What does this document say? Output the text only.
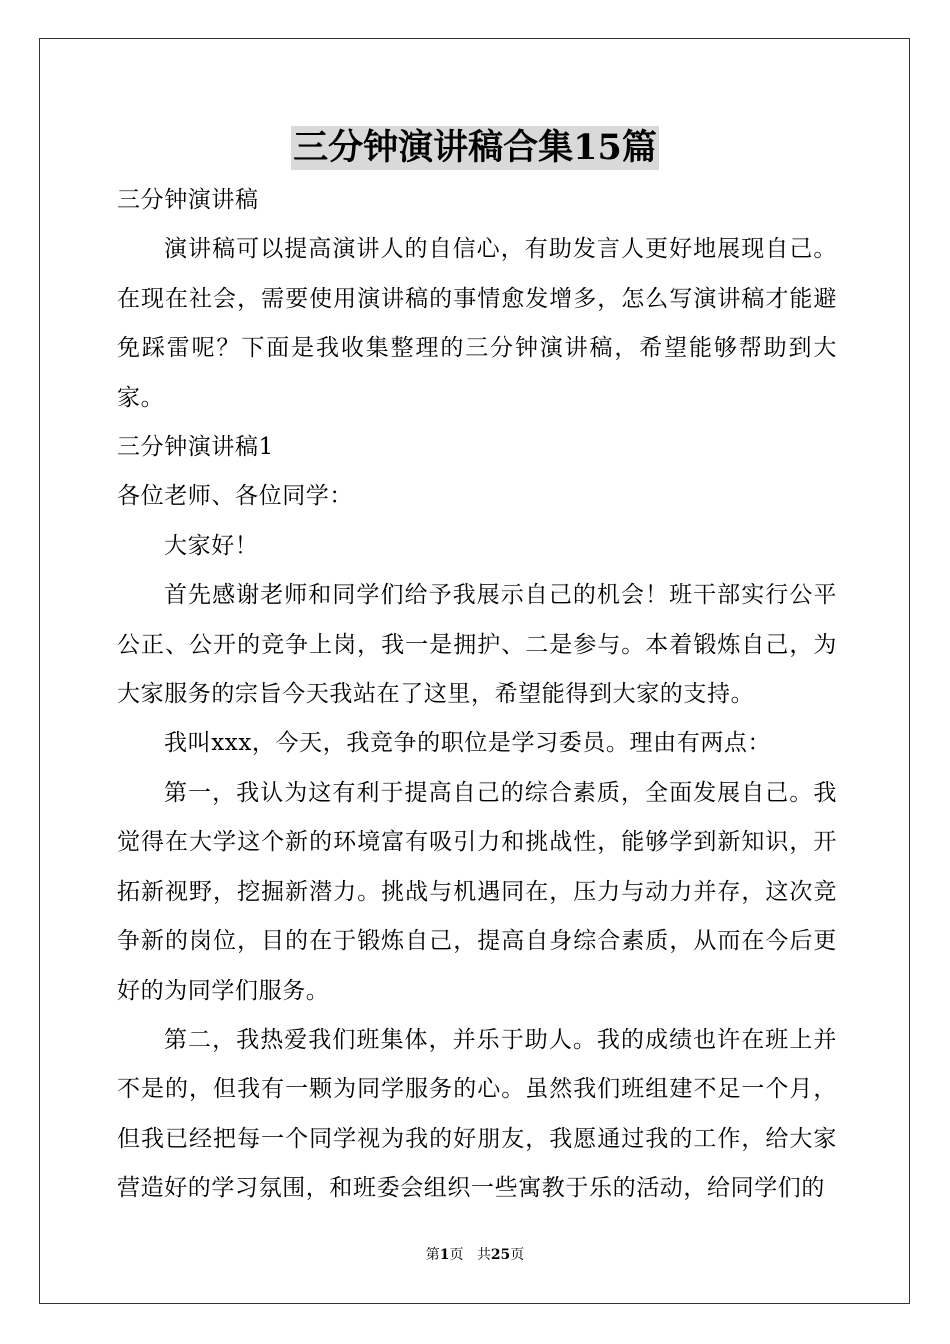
三分钟演讲稿合集15篇

三分钟演讲稿

演讲稿可以提高演讲人的自信心，有助发言人更好地展现自己。在现在社会，需要使用演讲稿的事情愈发增多，怎么写演讲稿才能避免踩雷呢？下面是我收集整理的三分钟演讲稿，希望能够帮助到大家。

三分钟演讲稿1

各位老师、各位同学：

大家好！

首先感谢老师和同学们给予我展示自己的机会！班干部实行公平公正、公开的竞争上岗，我一是拥护、二是参与。本着锻炼自己，为大家服务的宗旨今天我站在了这里，希望能得到大家的支持。

我叫xxx，今天，我竞争的职位是学习委员。理由有两点：

第一，我认为这有利于提高自己的综合素质，全面发展自己。我觉得在大学这个新的环境富有吸引力和挑战性，能够学到新知识，开拓新视野，挖掘新潜力。挑战与机遇同在，压力与动力并存，这次竞争新的岗位，目的在于锻炼自己，提高自身综合素质，从而在今后更好的为同学们服务。

第二，我热爱我们班集体，并乐于助人。我的成绩也许在班上并不是的，但我有一颗为同学服务的心。虽然我们班组建不足一个月，但我已经把每一个同学视为我的好朋友，我愿通过我的工作，给大家营造好的学习氛围，和班委会组织一些寓教于乐的活动，给同学们的

第1页 共25页
